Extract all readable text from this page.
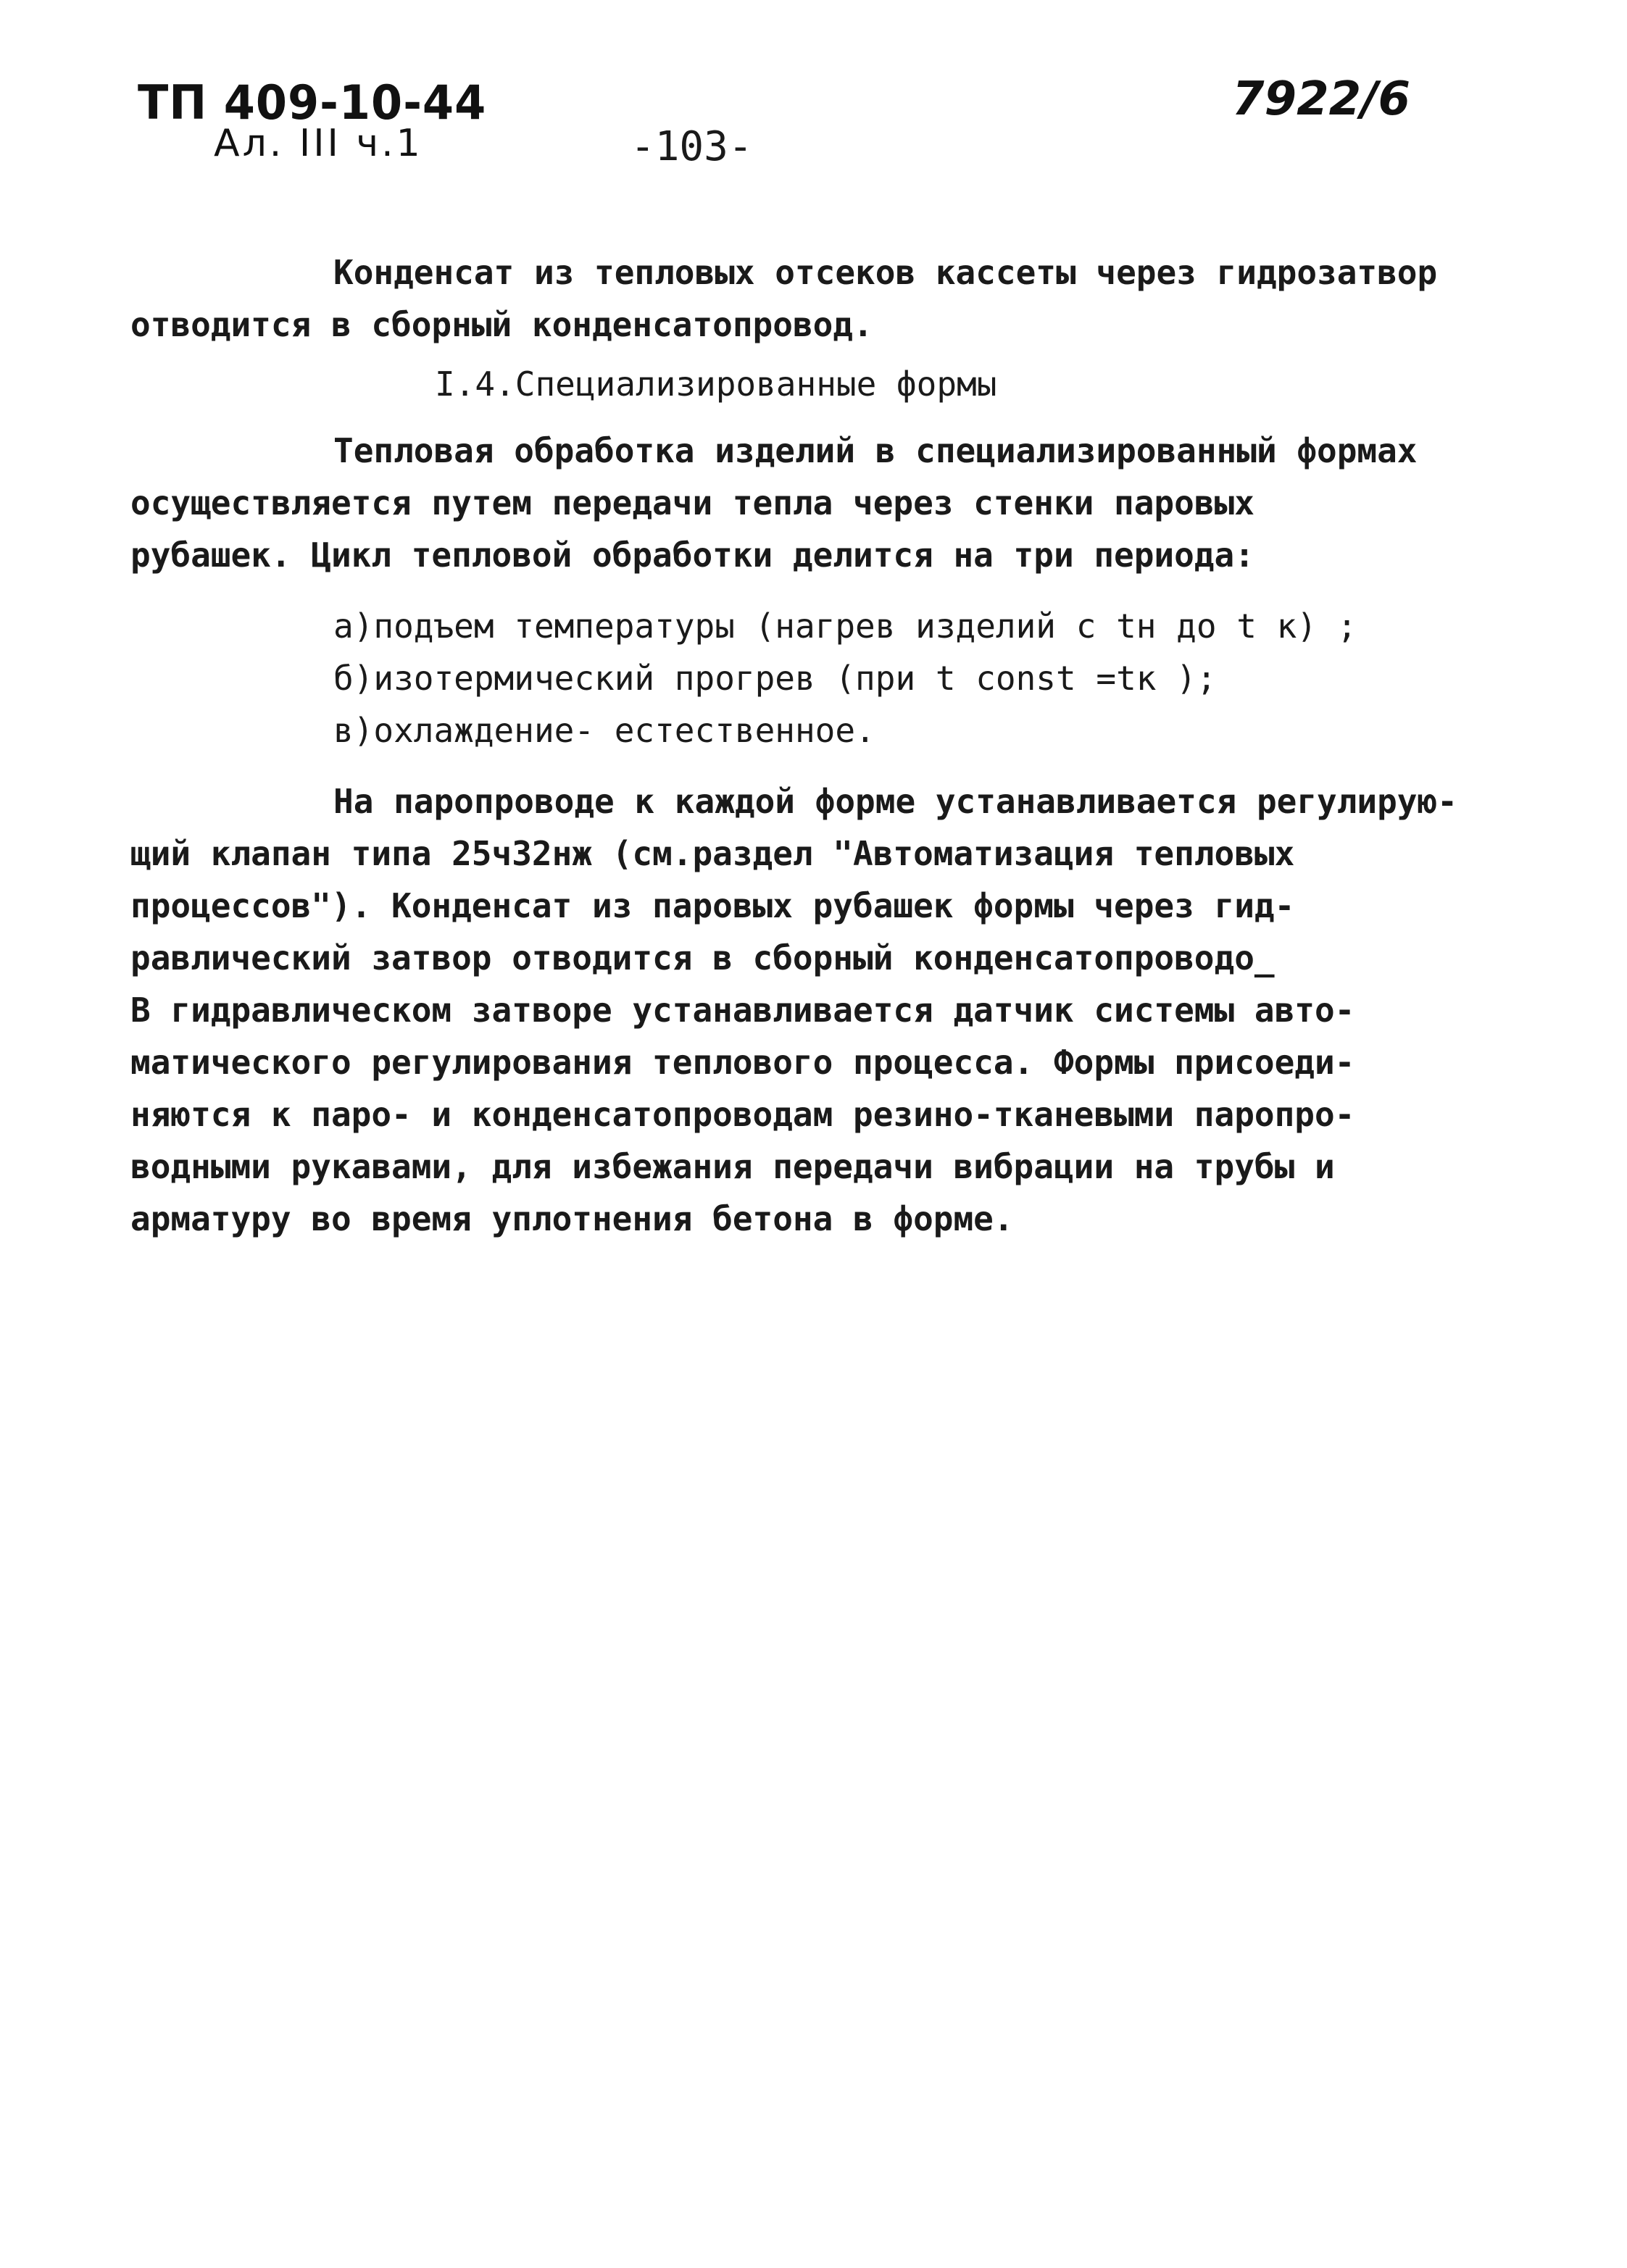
ТП 409-10-44
Ал. III ч.1	-103-
7922/6
Конденсат из тепловых отсеков кассеты через гидрозатвор
отводится в сборный конденсатопровод.
I.4.Специализированные формы
Тепловая обработка изделий в специализированный формах
осуществляется путем передачи тепла через стенки паровых
рубашек. Цикл тепловой обработки делится на три периода:
а)подъем температуры (нагрев изделий с tн до t к) ;
б)изотермический прогрев (при t const =tк );
в)охлаждение- естественное.
На паропроводе к каждой форме устанавливается регулирую-
щий клапан типа 25ч32нж (см.раздел "Автоматизация тепловых
процессов"). Конденсат из паровых рубашек формы через гид-
равлический затвор отводится в сборный конденсатопроводо_
В гидравлическом затворе устанавливается датчик системы авто-
матического регулирования теплового процесса. Формы присоеди-
няются к паро- и конденсатопроводам резино-тканевыми паропро-
водными рукавами, для избежания передачи вибрации на трубы и
арматуру во время уплотнения бетона в форме.
